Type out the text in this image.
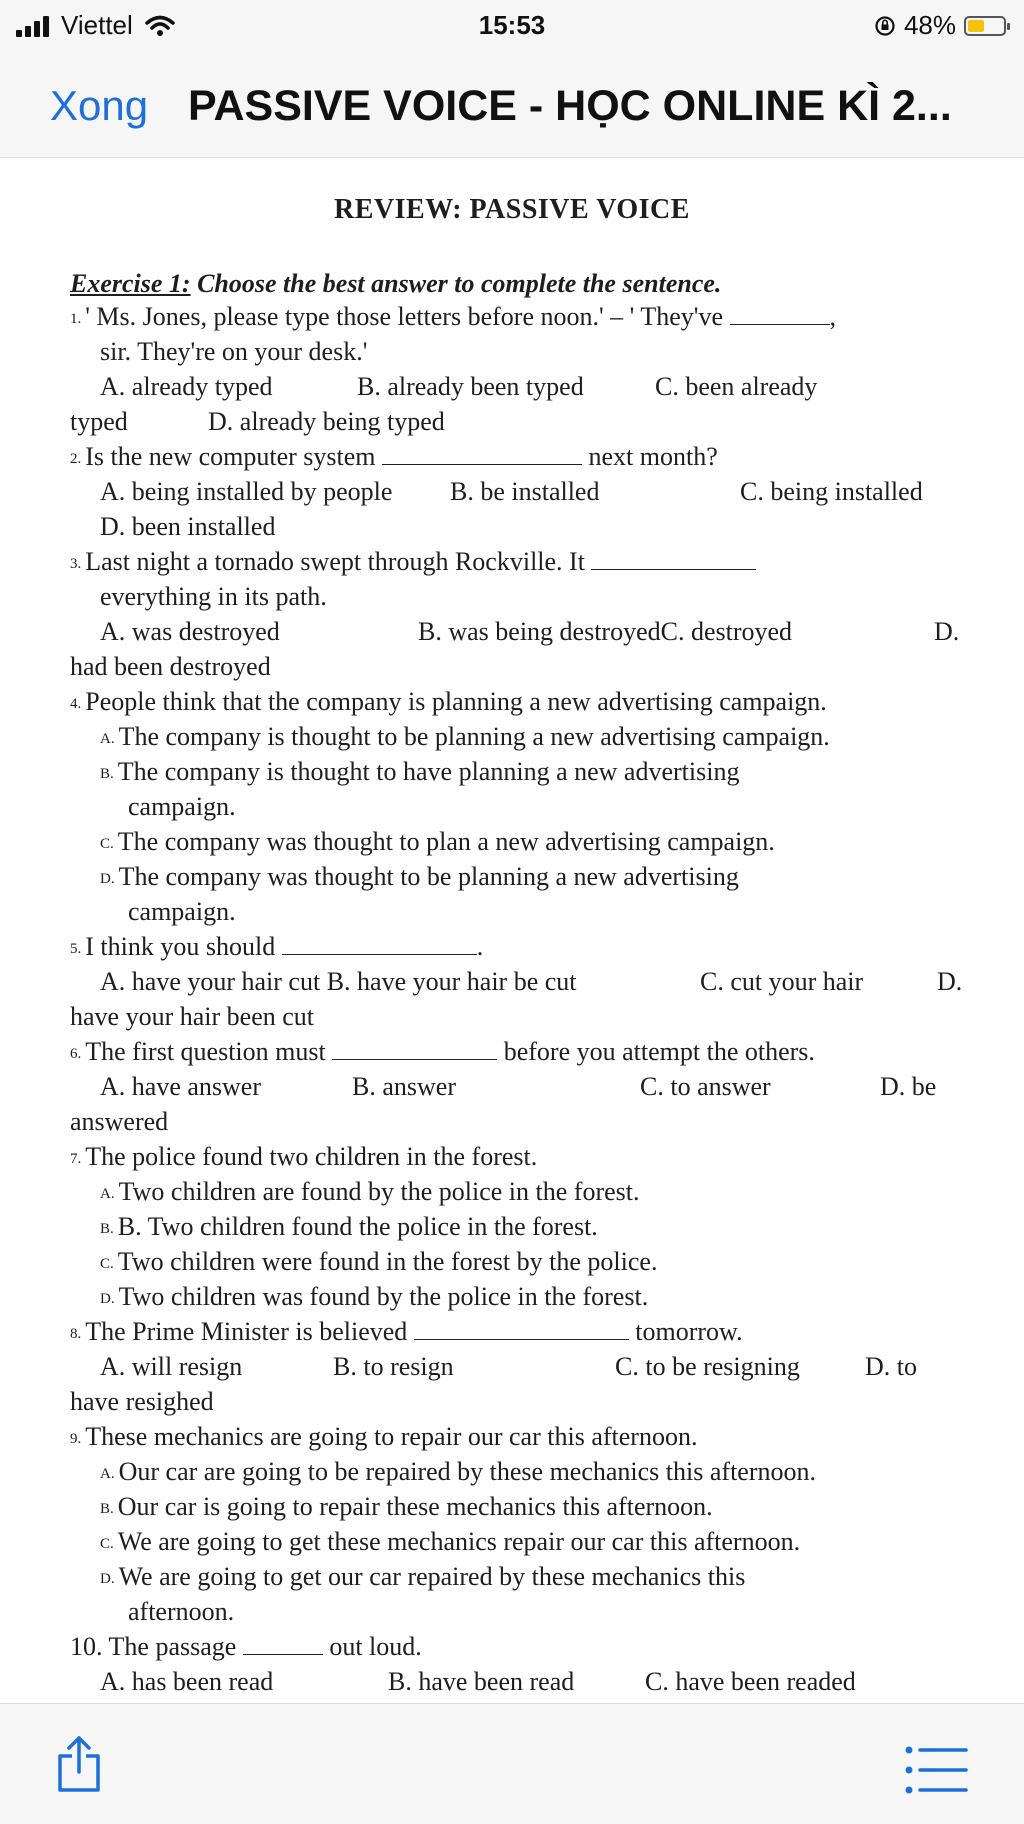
Viettel	15:53	48%
Xong PASSIVE VOICE - HỌC ONLINE KÌ 2...
REVIEW: PASSIVE VOICE
Exercise 1: Choose the best answer to complete the sentence.
1. ' Ms. Jones, please type those letters before noon.' – ' They've	,
sir. They're on your desk.'
A. already typed	B. already been typed	C. been already
typed	D. already being typed
2. Is the new computer system	next month?
A. being installed by people B. be installed	C. being installed
D. been installed
3. Last night a tornado swept through Rockville. It
everything in its path.
A. was destroyed	B. was being destroyedC. destroyed	D.
had been destroyed
4. People think that the company is planning a new advertising campaign.
A. The company is thought to be planning a new advertising campaign.
B. The company is thought to have planning a new advertising
campaign.
C. The company was thought to plan a new advertising campaign.
D. The company was thought to be planning a new advertising
campaign.
5. I think you should	.
A. have your hair cut B. have your hair be cut	C. cut your hair	D.
have your hair been cut
6. The first question must	before you attempt the others.
A. have answer	B. answer	C. to answer	D. be
answered
7. The police found two children in the forest.
A. Two children are found by the police in the forest.
B. B. Two children found the police in the forest.
C. Two children were found in the forest by the police.
D. Two children was found by the police in the forest.
8. The Prime Minister is believed	tomorrow.
A. will resign	B. to resign	C. to be resigning	D. to
have resighed
9. These mechanics are going to repair our car this afternoon.
A. Our car are going to be repaired by these mechanics this afternoon.
B. Our car is going to repair these mechanics this afternoon.
C. We are going to get these mechanics repair our car this afternoon.
D. We are going to get our car repaired by these mechanics this
afternoon.
10. The passage	out loud.
A. has been read	B. have been read	C. have been readed
